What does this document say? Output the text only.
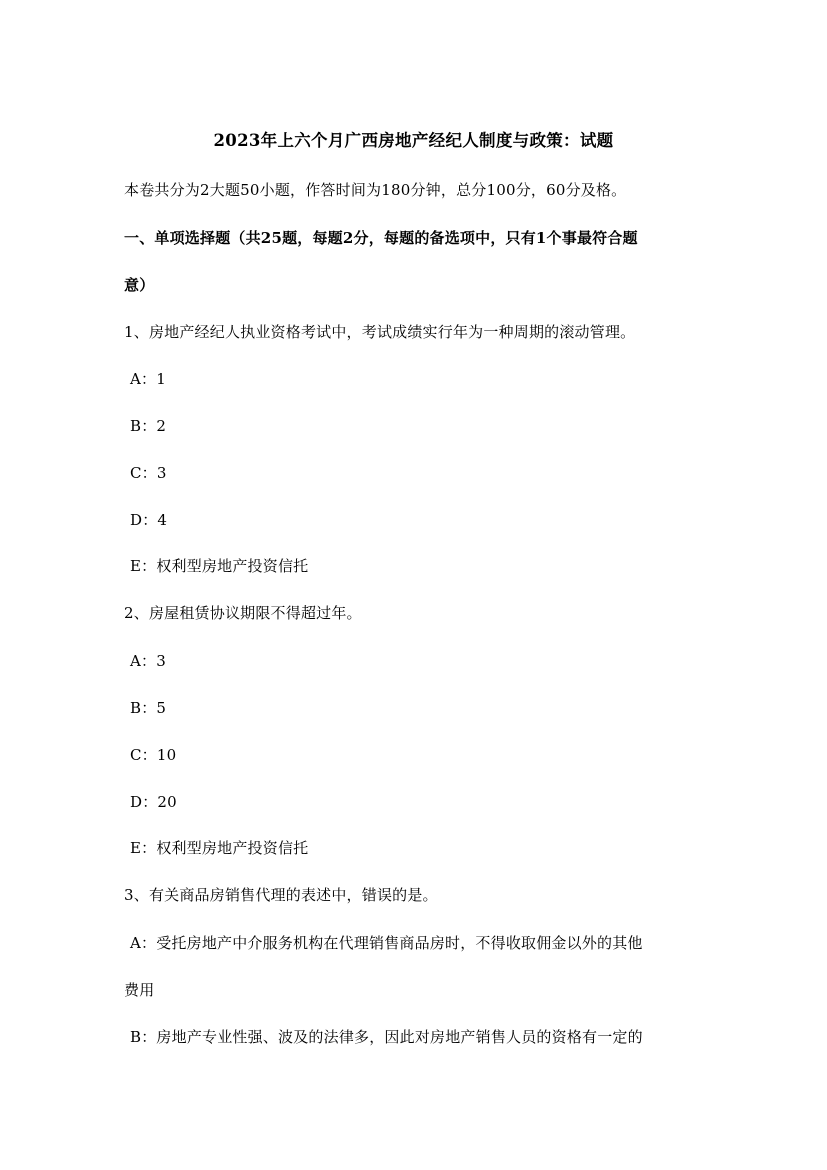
2023年上六个月广西房地产经纪人制度与政策：试题
本卷共分为2大题50小题，作答时间为180分钟，总分100分，60分及格。
一、单项选择题（共25题，每题2分，每题的备选项中，只有1个事最符合题
意）
1、房地产经纪人执业资格考试中，考试成绩实行年为一种周期的滚动管理。
A：1
B：2
C：3
D：4
E：权利型房地产投资信托
2、房屋租赁协议期限不得超过年。
A：3
B：5
C：10
D：20
E：权利型房地产投资信托
3、有关商品房销售代理的表述中，错误的是。
A：受托房地产中介服务机构在代理销售商品房时，不得收取佣金以外的其他
费用
B：房地产专业性强、波及的法律多，因此对房地产销售人员的资格有一定的
